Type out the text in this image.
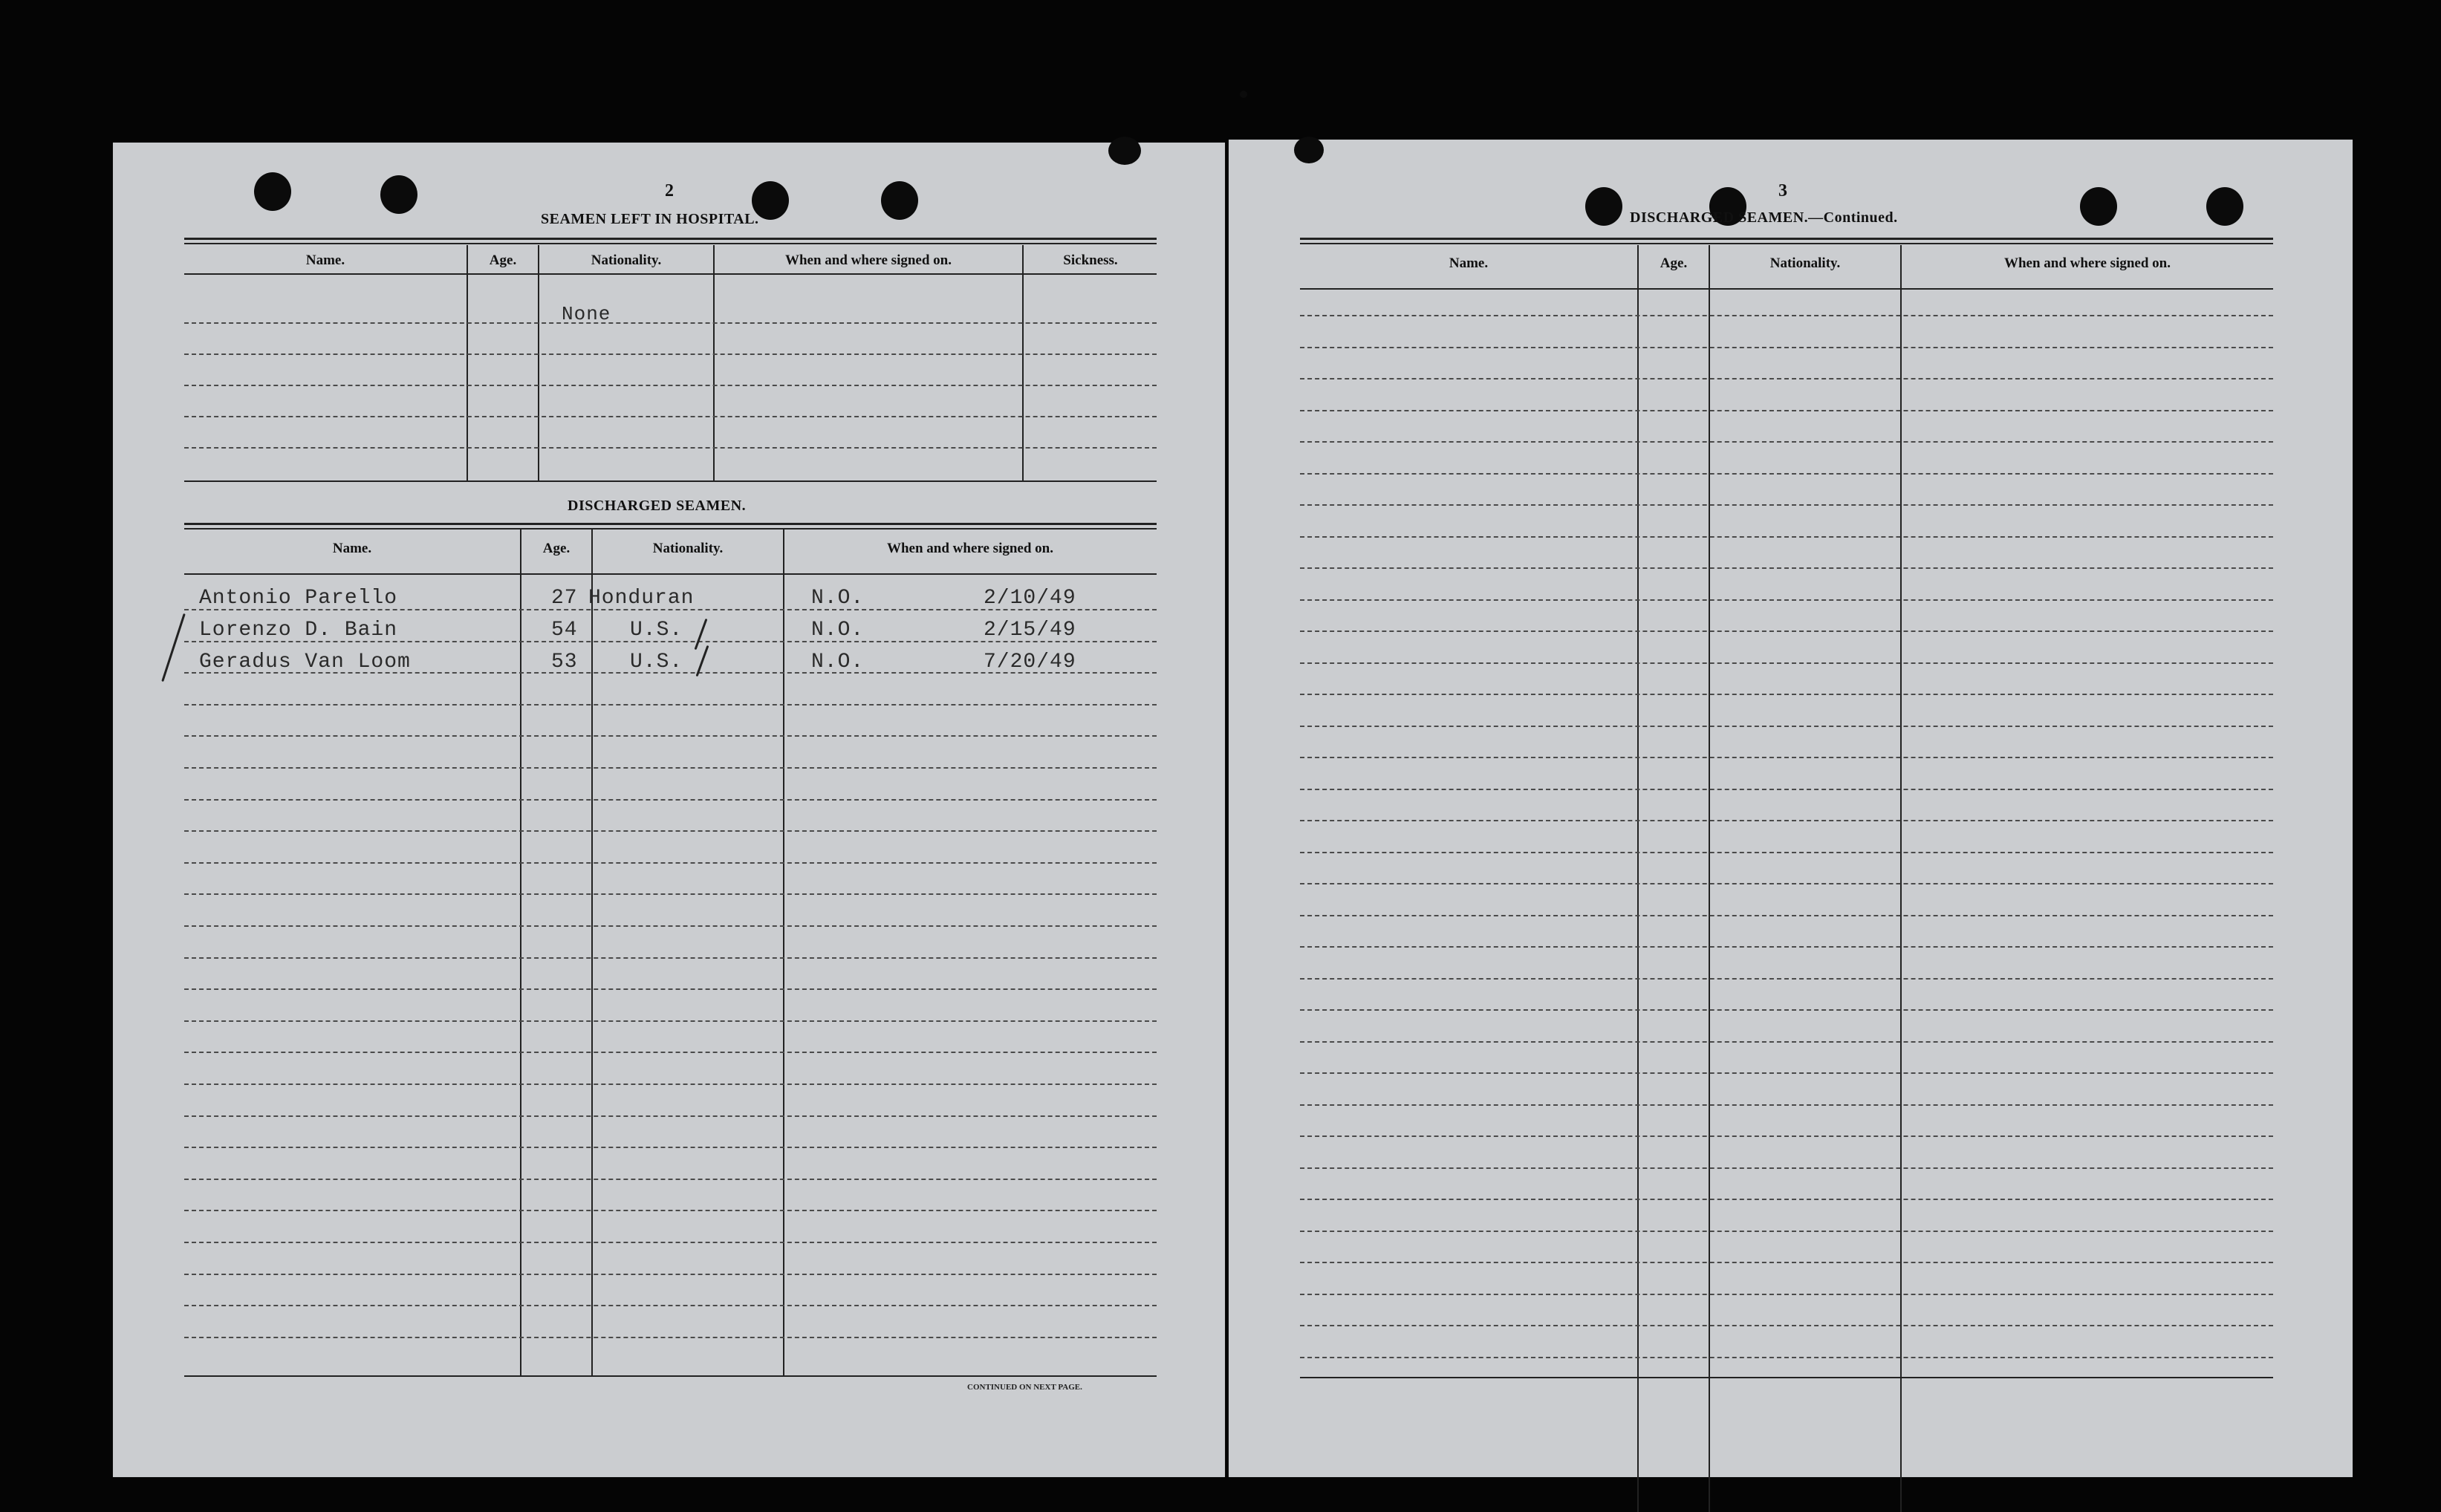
2
SEAMEN LEFT IN HOSPITAL.
Name.	Age.	Nationality.	When and where signed on.	Sickness.
None
DISCHARGED SEAMEN.
Name.	Age.	Nationality.	When and where signed on.
Antonio Parello	27 Honduran	N.O.	2/10/49
Lorenzo D. Bain	54	U.S.	N.O.	2/15/49
Geradus Van Loom	53	U.S.	N.O.	7/20/49
CONTINUED ON NEXT PAGE.
3
DISCHARGED SEAMEN.—Continued.
Name.	Age.	Nationality.	When and where signed on.
